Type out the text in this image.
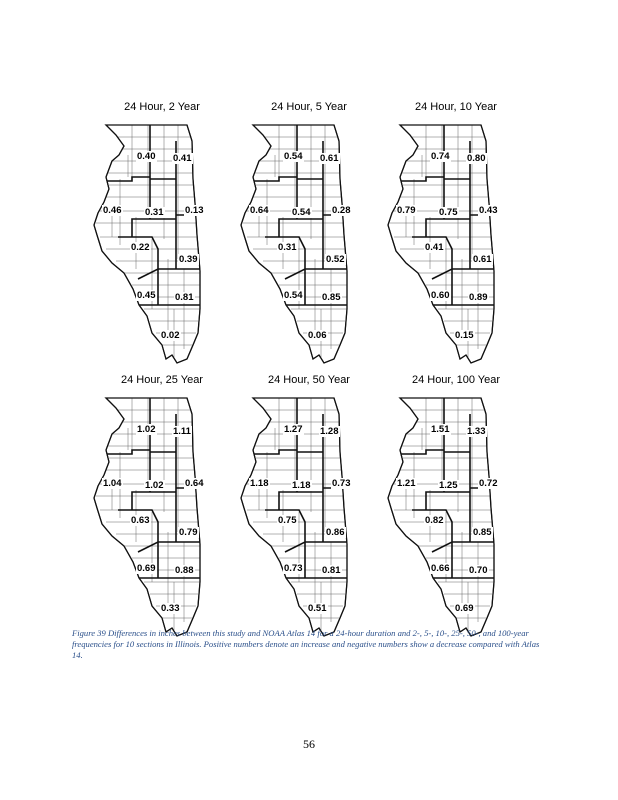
24 Hour, 2 Year
0.40 0.41
0.46 0.31 0.13
0.22
0.39
0.45 0.81
0.02
24 Hour, 5 Year
0.54 0.61
0.64 0.54 0.28
0.31
0.52
0.54 0.85
0.06
24 Hour, 10 Year
0.74 0.80
0.79 0.75 0.43
0.41
0.61
0.60 0.89
0.15
24 Hour, 25 Year
1.02 1.11
1.04 1.02 0.64
0.63
0.79
0.69 0.88
0.33
24 Hour, 50 Year
1.27 1.28
1.18 1.18 0.73
0.75
0.86
0.73 0.81
0.51
24 Hour, 100 Year
1.51 1.33
1.21 1.25 0.72
0.82
0.85
0.66 0.70
0.69
Figure 39 Differences in inches between this study and NOAA Atlas 14 for a 24-hour duration and 2-, 5-, 10-, 25-, 50-, and 100-year frequencies for 10 sections in Illinois. Positive numbers denote an increase and negative numbers show a decrease compared with Atlas 14.
56
